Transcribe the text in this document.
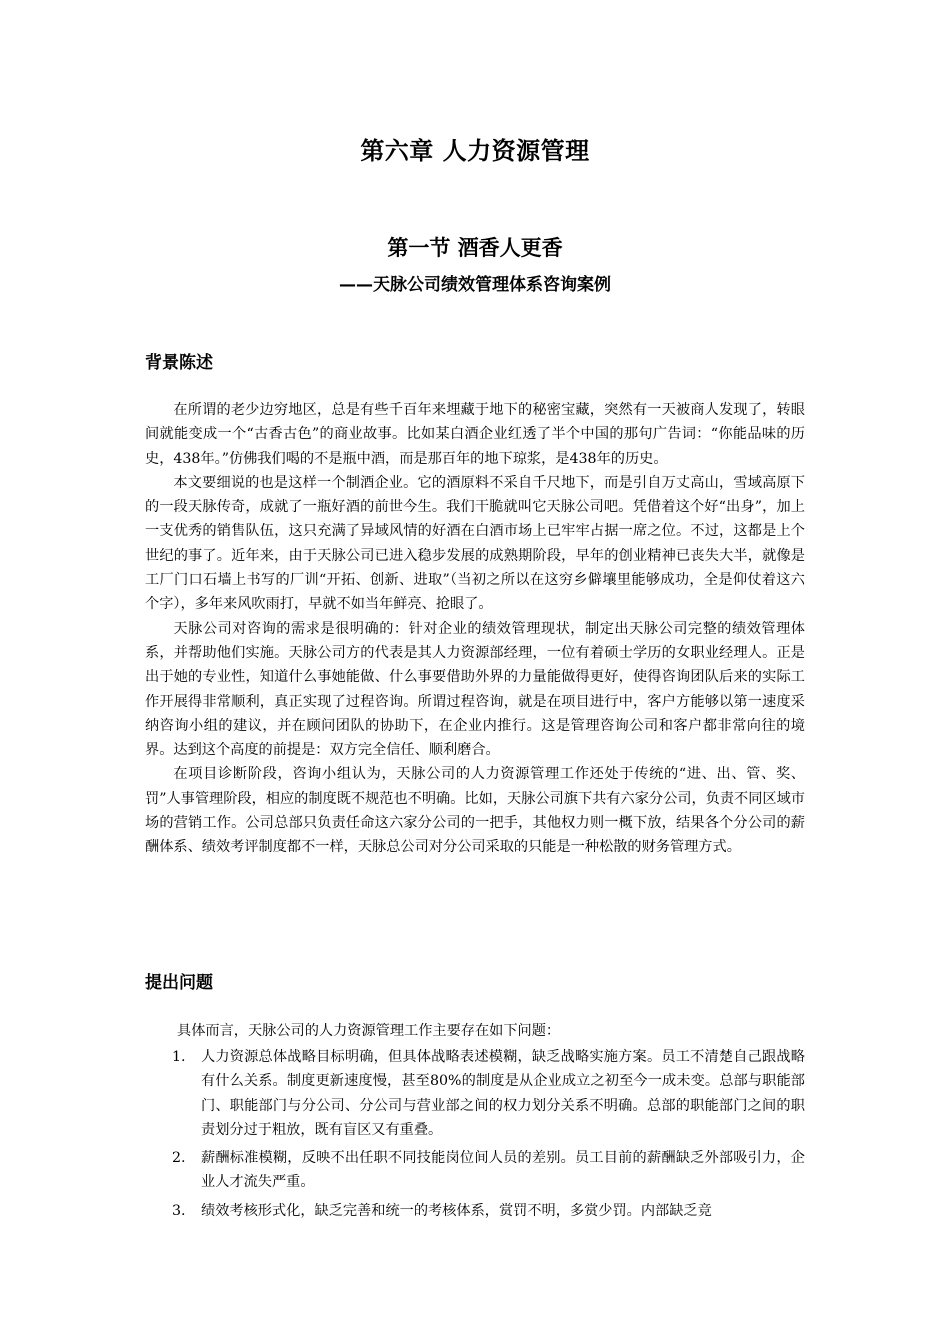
第六章 人力资源管理
第一节 酒香人更香
——天脉公司绩效管理体系咨询案例
背景陈述

在所谓的老少边穷地区，总是有些千百年来埋藏于地下的秘密宝藏，突然有一天被商人发现了，转眼间就能变成一个“古香古色”的商业故事。比如某白酒企业红透了半个中国的那句广告词：“你能品味的历史，438年。”仿佛我们喝的不是瓶中酒，而是那百年的地下琼浆，是438年的历史。

本文要细说的也是这样一个制酒企业。它的酒原料不采自千尺地下，而是引自万丈高山，雪域高原下的一段天脉传奇，成就了一瓶好酒的前世今生。我们干脆就叫它天脉公司吧。凭借着这个好“出身”，加上一支优秀的销售队伍，这只充满了异域风情的好酒在白酒市场上已牢牢占据一席之位。不过，这都是上个世纪的事了。近年来，由于天脉公司已进入稳步发展的成熟期阶段，早年的创业精神已丧失大半，就像是工厂门口石墙上书写的厂训“开拓、创新、进取”（当初之所以在这穷乡僻壤里能够成功，全是仰仗着这六个字），多年来风吹雨打，早就不如当年鲜亮、抢眼了。

天脉公司对咨询的需求是很明确的：针对企业的绩效管理现状，制定出天脉公司完整的绩效管理体系，并帮助他们实施。天脉公司方的代表是其人力资源部经理，一位有着硕士学历的女职业经理人。正是出于她的专业性，知道什么事她能做、什么事要借助外界的力量能做得更好，使得咨询团队后来的实际工作开展得非常顺利，真正实现了过程咨询。所谓过程咨询，就是在项目进行中，客户方能够以第一速度采纳咨询小组的建议，并在顾问团队的协助下，在企业内推行。这是管理咨询公司和客户都非常向往的境界。达到这个高度的前提是：双方完全信任、顺利磨合。

在项目诊断阶段，咨询小组认为，天脉公司的人力资源管理工作还处于传统的“进、出、管、奖、罚”人事管理阶段，相应的制度既不规范也不明确。比如，天脉公司旗下共有六家分公司，负责不同区域市场的营销工作。公司总部只负责任命这六家分公司的一把手，其他权力则一概下放，结果各个分公司的薪酬体系、绩效考评制度都不一样，天脉总公司对分公司采取的只能是一种松散的财务管理方式。

提出问题

具体而言，天脉公司的人力资源管理工作主要存在如下问题：

1. 人力资源总体战略目标明确，但具体战略表述模糊，缺乏战略实施方案。员工不清楚自己跟战略有什么关系。制度更新速度慢，甚至80%的制度是从企业成立之初至今一成未变。总部与职能部门、职能部门与分公司、分公司与营业部之间的权力划分关系不明确。总部的职能部门之间的职责划分过于粗放，既有盲区又有重叠。
2. 薪酬标准模糊，反映不出任职不同技能岗位间人员的差别。员工目前的薪酬缺乏外部吸引力，企业人才流失严重。
3. 绩效考核形式化，缺乏完善和统一的考核体系，赏罚不明，多赏少罚。内部缺乏竞
